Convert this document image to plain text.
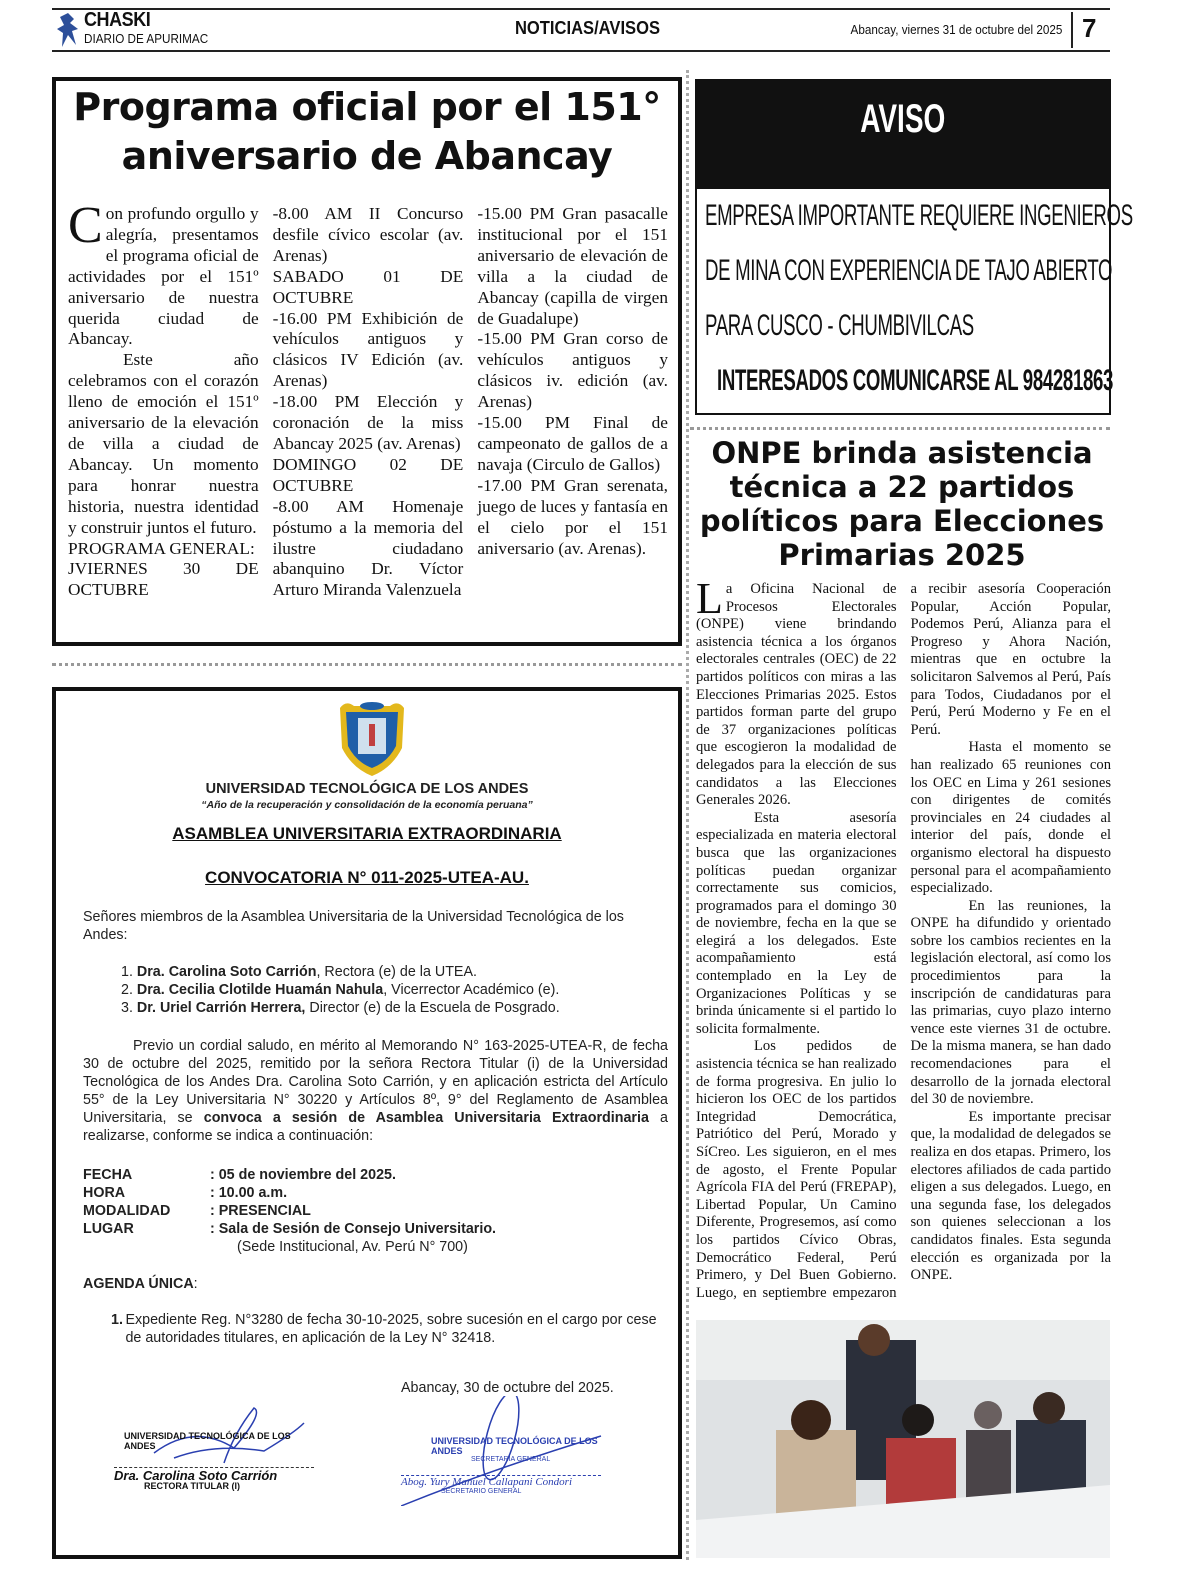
CHASKI
DIARIO DE APURIMAC
NOTICIAS/AVISOS	Abancay, viernes 31 de octubre del 2025 7
Programa oficial por el 151° aniversario de Abancay

Con profundo orgullo y alegría, presentamos el programa oficial de actividades por el 151º aniversario de nuestra querida ciudad de Abancay.

Este año celebramos con el corazón lleno de emoción el 151º aniversario de la elevación de villa a ciudad de Abancay. Un momento para honrar nuestra historia, nuestra identidad y construir juntos el futuro.

PROGRAMA GENERAL:

JVIERNES 30 DE OCTUBRE

-8.00 AM II Concurso desfile cívico escolar (av. Arenas)

SABADO 01 DE OCTUBRE

-16.00 PM Exhibición de vehículos antiguos y clásicos IV Edición (av. Arenas)

-18.00 PM Elección y coronación de la miss Abancay 2025 (av. Arenas)

DOMINGO 02 DE OCTUBRE

-8.00 AM Homenaje póstumo a la memoria del ilustre ciudadano abanquino Dr. Víctor Arturo Miranda Valenzuela

-15.00 PM Gran pasacalle institucional por el 151 aniversario de elevación de villa a la ciudad de Abancay (capilla de virgen de Guadalupe)

-15.00 PM Gran corso de vehículos antiguos y clásicos iv. edición (av. Arenas)

-15.00 PM Final de campeonato de gallos de a navaja (Circulo de Gallos)

-17.00 PM Gran serenata, juego de luces y fantasía en el cielo por el 151 aniversario (av. Arenas).

UNIVERSIDAD TECNOLÓGICA DE LOS ANDES
“Año de la recuperación y consolidación de la economía peruana”
ASAMBLEA UNIVERSITARIA EXTRAORDINARIA
CONVOCATORIA N° 011-2025-UTEA-AU.
Señores miembros de la Asamblea Universitaria de la Universidad Tecnológica de los Andes:
1. Dra. Carolina Soto Carrión, Rectora (e) de la UTEA.
2. Dra. Cecilia Clotilde Huamán Nahula, Vicerrector Académico (e).
3. Dr. Uriel Carrión Herrera, Director (e) de la Escuela de Posgrado.
Previo un cordial saludo, en mérito al Memorando N° 163-2025-UTEA-R, de fecha 30 de octubre del 2025, remitido por la señora Rectora Titular (i) de la Universidad Tecnológica de los Andes Dra. Carolina Soto Carrión, y en aplicación estricta del Artículo 55° de la Ley Universitaria N° 30220 y Artículos 8º, 9° del Reglamento de Asamblea Universitaria, se convoca a sesión de Asamblea Universitaria Extraordinaria a realizarse, conforme se indica a continuación:
FECHA	: 05 de noviembre del 2025.
HORA	: 10.00 a.m.
MODALIDAD	: PRESENCIAL
LUGAR	: Sala de Sesión de Consejo Universitario.
(Sede Institucional, Av. Perú N° 700)
AGENDA ÚNICA:
1. Expediente Reg. N°3280 de fecha 30-10-2025, sobre sucesión en el cargo por cese de autoridades titulares, en aplicación de la Ley N° 32418.
Abancay, 30 de octubre del 2025.
UNIVERSIDAD TECNOLÓGICA DE LOS ANDES
Dra. Carolina Soto Carrión
RECTORA TITULAR (I)
UNIVERSIDAD TECNOLÓGICA DE LOS ANDES
SECRETARIA GENERAL
Abog. Yury Manuel Callapani Condori
SECRETARIO GENERAL
AVISO
EMPRESA IMPORTANTE REQUIERE INGENIEROS
DE MINA CON EXPERIENCIA DE TAJO ABIERTO
PARA CUSCO - CHUMBIVILCAS
INTERESADOS COMUNICARSE AL 984281863
ONPE brinda asistencia técnica a 22 partidos políticos para Elecciones Primarias 2025

La Oficina Nacional de Procesos Electorales (ONPE) viene brindando asistencia técnica a los órganos electorales centrales (OEC) de 22 partidos políticos con miras a las Elecciones Primarias 2025. Estos partidos forman parte del grupo de 37 organizaciones políticas que escogieron la modalidad de delegados para la elección de sus candidatos a las Elecciones Generales 2026.

Esta asesoría especializada en materia electoral busca que las organizaciones políticas puedan organizar correctamente sus comicios, programados para el domingo 30 de noviembre, fecha en la que se elegirá a los delegados. Este acompañamiento está contemplado en la Ley de Organizaciones Políticas y se brinda únicamente si el partido lo solicita formalmente.

Los pedidos de asistencia técnica se han realizado de forma progresiva. En julio lo hicieron los OEC de los partidos Integridad Democrática, Patriótico del Perú, Morado y SíCreo. Les siguieron, en el mes de agosto, el Frente Popular Agrícola FIA del Perú (FREPAP), Libertad Popular, Un Camino Diferente, Progresemos, así como los partidos Cívico Obras, Democrático Federal, Perú Primero, y Del Buen Gobierno. Luego, en septiembre empezaron a recibir asesoría Cooperación Popular, Acción Popular, Podemos Perú, Alianza para el Progreso y Ahora Nación, mientras que en octubre la solicitaron Salvemos al Perú, País para Todos, Ciudadanos por el Perú, Perú Moderno y Fe en el Perú.

Hasta el momento se han realizado 65 reuniones con los OEC en Lima y 261 sesiones con dirigentes de comités provinciales en 24 ciudades al interior del país, donde el organismo electoral ha dispuesto personal para el acompañamiento especializado.

En las reuniones, la ONPE ha difundido y orientado sobre los cambios recientes en la legislación electoral, así como los procedimientos para la inscripción de candidaturas para las primarias, cuyo plazo interno vence este viernes 31 de octubre. De la misma manera, se han dado recomendaciones para el desarrollo de la jornada electoral del 30 de noviembre.

Es importante precisar que, la modalidad de delegados se realiza en dos etapas. Primero, los electores afiliados de cada partido eligen a sus delegados. Luego, en una segunda fase, los delegados son quienes seleccionan a los candidatos finales. Esta segunda elección es organizada por la ONPE.
